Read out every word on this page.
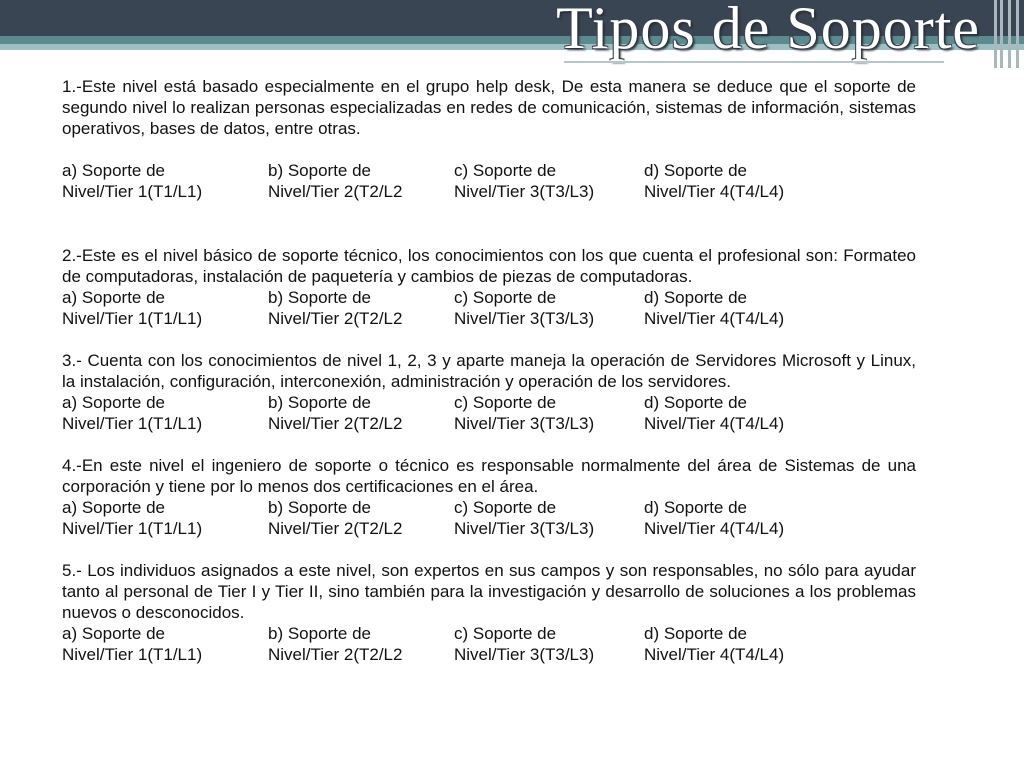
Tipos de Soporte
1.-Este nivel está basado especialmente en el grupo help desk, De esta manera se deduce que el soporte de segundo nivel lo realizan personas especializadas en redes de comunicación, sistemas de información, sistemas operativos, bases de datos, entre otras.
a) Soporte de
Nivel/Tier 1(T1/L1)
b) Soporte de
Nivel/Tier 2(T2/L2
c) Soporte de
Nivel/Tier 3(T3/L3)
d) Soporte de
Nivel/Tier 4(T4/L4)
2.-Este es el nivel básico de soporte técnico, los conocimientos con los que cuenta el profesional son: Formateo de computadoras, instalación de paquetería y cambios de piezas de computadoras.
a) Soporte de
Nivel/Tier 1(T1/L1)
b) Soporte de
Nivel/Tier 2(T2/L2
c) Soporte de
Nivel/Tier 3(T3/L3)
d) Soporte de
Nivel/Tier 4(T4/L4)
3.- Cuenta con los conocimientos de nivel 1, 2, 3 y aparte maneja la operación de Servidores Microsoft y Linux, la instalación, configuración, interconexión, administración y operación de los servidores.
a) Soporte de
Nivel/Tier 1(T1/L1)
b) Soporte de
Nivel/Tier 2(T2/L2
c) Soporte de
Nivel/Tier 3(T3/L3)
d) Soporte de
Nivel/Tier 4(T4/L4)
4.-En este nivel el ingeniero de soporte o técnico es responsable normalmente del área de Sistemas de una corporación y tiene por lo menos dos certificaciones en el área.
a) Soporte de
Nivel/Tier 1(T1/L1)
b) Soporte de
Nivel/Tier 2(T2/L2
c) Soporte de
Nivel/Tier 3(T3/L3)
d) Soporte de
Nivel/Tier 4(T4/L4)
5.- Los individuos asignados a este nivel, son expertos en sus campos y son responsables, no sólo para ayudar tanto al personal de Tier I y Tier II, sino también para la investigación y desarrollo de soluciones a los problemas nuevos o desconocidos.
a) Soporte de
Nivel/Tier 1(T1/L1)
b) Soporte de
Nivel/Tier 2(T2/L2
c) Soporte de
Nivel/Tier 3(T3/L3)
d) Soporte de
Nivel/Tier 4(T4/L4)
